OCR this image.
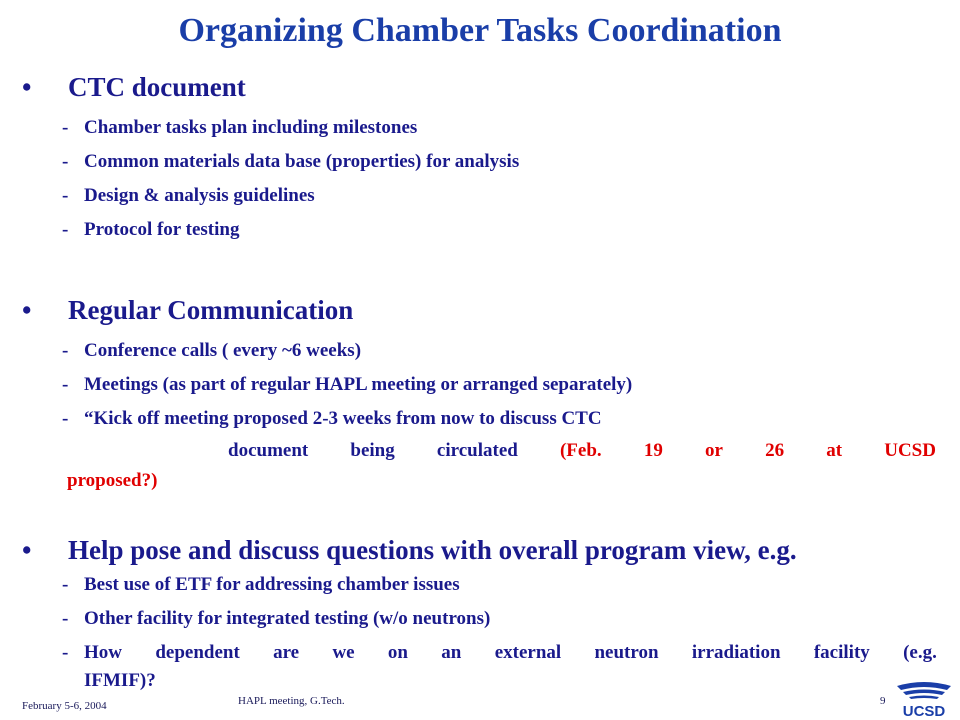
Organizing Chamber Tasks Coordination
• CTC document
- Chamber tasks plan including milestones
- Common materials data base (properties) for analysis
- Design & analysis guidelines
- Protocol for testing
• Regular Communication
- Conference calls ( every ~6 weeks)
- Meetings (as part of regular HAPL meeting or arranged separately)
- “Kick off meeting proposed 2-3 weeks from now to discuss CTC
document being circulated (Feb. 19 or 26 at UCSD
proposed?)
• Help pose and discuss questions with overall program view, e.g.
- Best use of ETF for addressing chamber issues
- Other facility for integrated testing (w/o neutrons)
- How dependent are we on an external neutron irradiation facility (e.g.
IFMIF)?
February 5-6, 2004	HAPL meeting, G.Tech.	9
UCSD
